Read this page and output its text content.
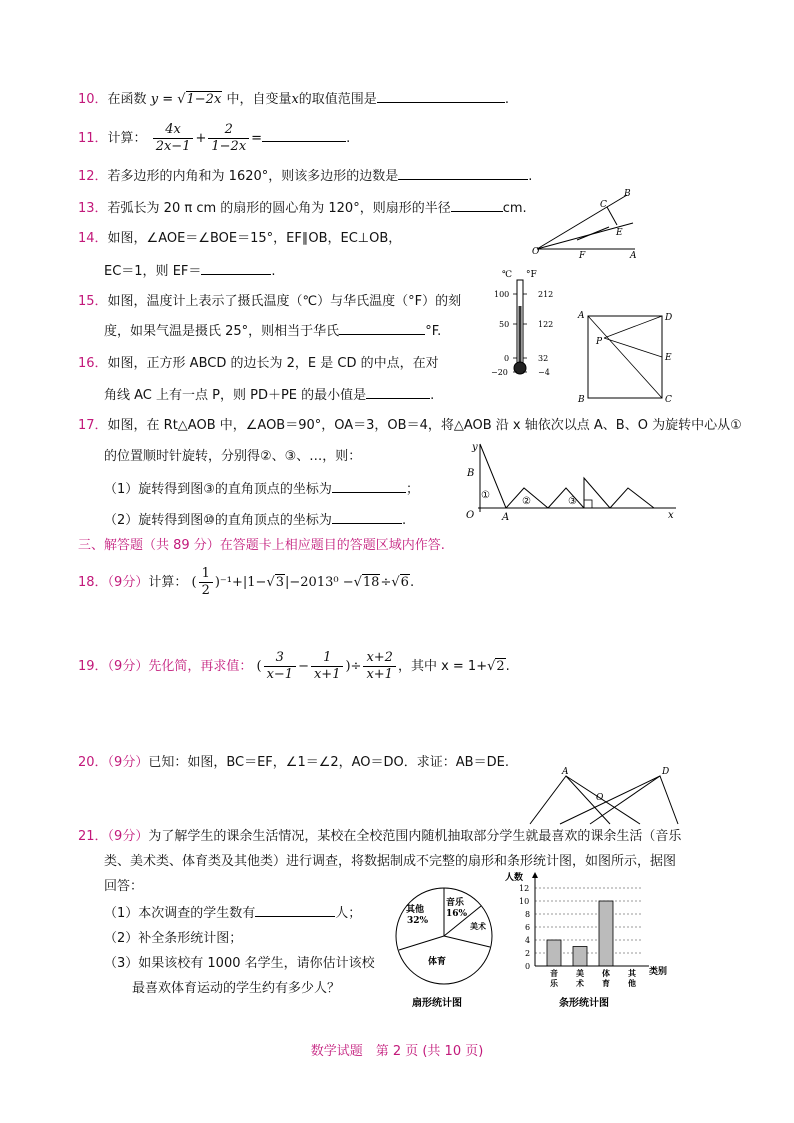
10．在函数 y = √1−2x 中，自变量x的取值范围是	.
11．计算： $\frac{4x}{2x-1} + \frac{2}{1-2x}$ =	.
12．若多边形的内角和为 1620°，则该多边形的边数是	.
13．若弧长为 20 π cm 的扇形的圆心角为 120°，则扇形的半径	cm.
14．如图，∠AOE＝∠BOE＝15°，EF∥OB，EC⊥OB，
EC＝1，则 EF＝	.
15．如图，温度计上表示了摄氏温度（℃）与华氏温度（°F）的刻
度，如果气温是摄氏 25°，则相当于华氏	°F.
16．如图，正方形 ABCD 的边长为 2，E 是 CD 的中点，在对
角线 AC 上有一点 P，则 PD＋PE 的最小值是	.
17．如图，在 Rt△AOB 中，∠AOB＝90°，OA＝3，OB＝4，将△AOB 沿 x 轴依次以点 A、B、O 为旋转中心从①
的位置顺时针旋转，分别得②、③、…，则：
（1）旋转得到图③的直角顶点的坐标为	；
（2）旋转得到图⑩的直角顶点的坐标为	.
三、解答题（共 89 分）在答题卡上相应题目的答题区域内作答.
18．（9分）计算： ( $\frac{1}{2} )^{-1}+|1-√3|-2013^0 -√18\div√6$.
19．（9分）先化简，再求值： ( $\frac{3}{x-1} - \frac{1}{x+1}$ )÷ $\frac{x+2}{x+1}$ ，其中 x = 1+√2.
20．（9分）已知：如图，BC＝EF，∠1＝∠2，AO＝DO．求证：AB＝DE.
21．（9分）为了解学生的课余生活情况，某校在全校范围内随机抽取部分学生就最喜欢的课余生活（音乐
类、美术类、体育类及其他类）进行调查，将数据制成不完整的扇形和条形统计图，如图所示，据图
回答：
（1）本次调查的学生数有	人；
（2）补全条形统计图；
（3）如果该校有 1000 名学生，请你估计该校
最喜欢体育运动的学生约有多少人？
B
C
E
O	F	A
℃ °F
100
50
0
−20
212
122
32
−4
A	D
P
E
B	C
y
x
B
O	A
①
②	③
A
O
D
其他
32%
音乐
16%
美术
体育
扇形统计图
人数
类别
条形统计图
12
10
8
6
4
2
0
音
乐
美
术
体
育
其
他
数学试题　第 2 页 (共 10 页)
